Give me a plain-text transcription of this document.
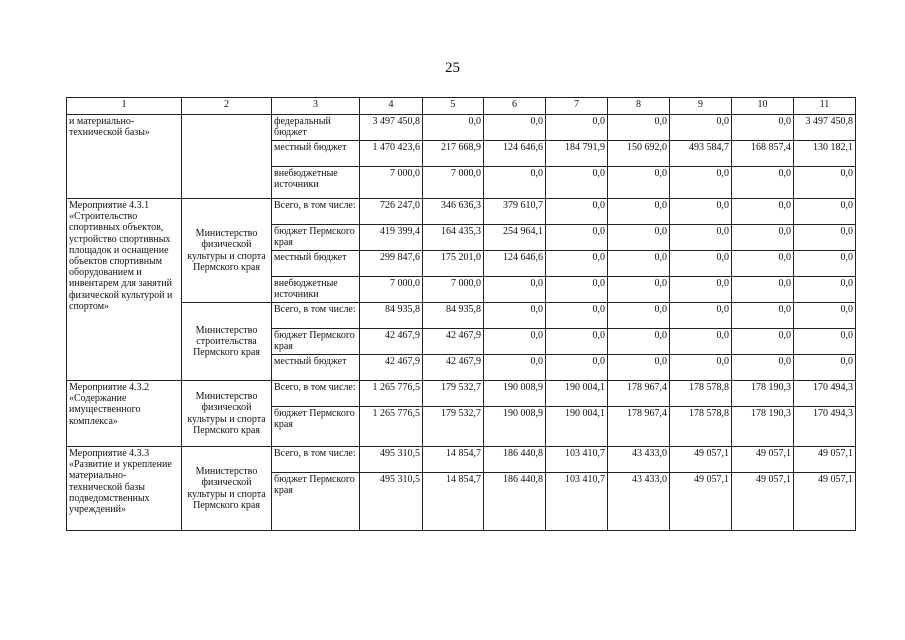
25
1	2	3	4	5	6	7	8	9	10	11
и материально-технической базы»		федеральный бюджет	3 497 450,8	0,0	0,0	0,0	0,0	0,0	0,0	3 497 450,8
		местный бюджет	1 470 423,6	217 668,9	124 646,6	184 791,9	150 692,0	493 584,7	168 857,4	130 182,1
		внебюджетные источники	7 000,0	7 000,0	0,0	0,0	0,0	0,0	0,0	0,0
Мероприятие 4.3.1 «Строительство спортивных объектов, устройство спортивных площадок и оснащение объектов спортивным оборудованием и инвентарем для занятий физической культурой и спортом»	Министерство физической культуры и спорта Пермского края	Всего, в том числе:	726 247,0	346 636,3	379 610,7	0,0	0,0	0,0	0,0	0,0
		бюджет Пермского края	419 399,4	164 435,3	254 964,1	0,0	0,0	0,0	0,0	0,0
		местный бюджет	299 847,6	175 201,0	124 646,6	0,0	0,0	0,0	0,0	0,0
		внебюджетные источники	7 000,0	7 000,0	0,0	0,0	0,0	0,0	0,0	0,0
	Министерство строительства Пермского края	Всего, в том числе:	84 935,8	84 935,8	0,0	0,0	0,0	0,0	0,0	0,0
		бюджет Пермского края	42 467,9	42 467,9	0,0	0,0	0,0	0,0	0,0	0,0
		местный бюджет	42 467,9	42 467,9	0,0	0,0	0,0	0,0	0,0	0,0
Мероприятие 4.3.2 «Содержание имущественного комплекса»	Министерство физической культуры и спорта Пермского края	Всего, в том числе:	1 265 776,5	179 532,7	190 008,9	190 004,1	178 967,4	178 578,8	178 190,3	170 494,3
		бюджет Пермского края	1 265 776,5	179 532,7	190 008,9	190 004,1	178 967,4	178 578,8	178 190,3	170 494,3
Мероприятие 4.3.3 «Развитие и укрепление материально-технической базы подведомственных учреждений»	Министерство физической культуры и спорта Пермского края	Всего, в том числе:	495 310,5	14 854,7	186 440,8	103 410,7	43 433,0	49 057,1	49 057,1	49 057,1
		бюджет Пермского края	495 310,5	14 854,7	186 440,8	103 410,7	43 433,0	49 057,1	49 057,1	49 057,1
